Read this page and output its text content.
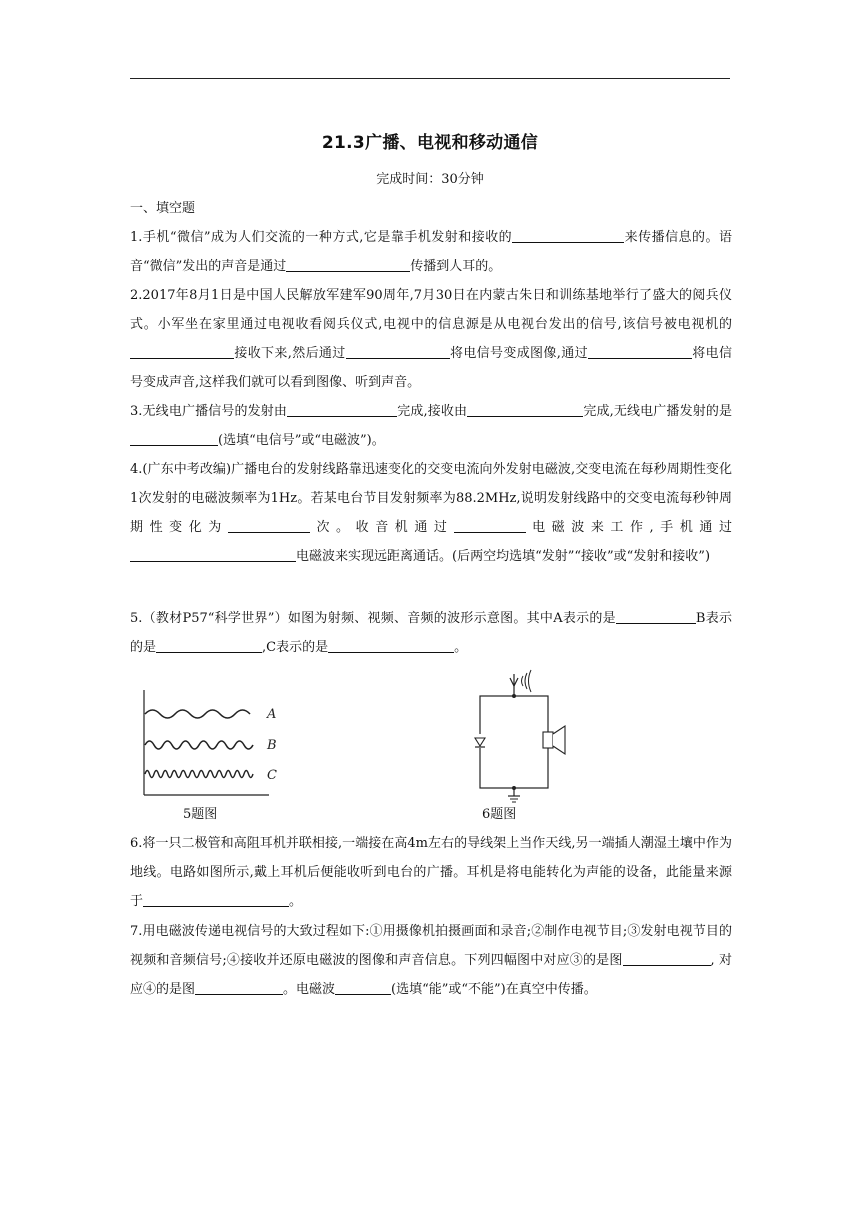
21.3广播、电视和移动通信
完成时间：30分钟
一、填空题
1.手机“微信”成为人们交流的一种方式,它是靠手机发射和接收的	来传播信息的。语音“微信”发出的声音是通过	传播到人耳的。
2.2017年8月1日是中国人民解放军建军90周年,7月30日在内蒙古朱日和训练基地举行了盛大的阅兵仪式。小军坐在家里通过电视收看阅兵仪式,电视中的信息源是从电视台发出的信号,该信号被电视机的接收下来,然后通过	将电信号变成图像,通过	将电信号变成声音,这样我们就可以看到图像、听到声音。
3.无线电广播信号的发射由	完成,接收由	完成,无线电广播发射的是(选填“电信号”或“电磁波”)。
4.(广东中考改编)广播电台的发射线路靠迅速变化的交变电流向外发射电磁波,交变电流在每秒周期性变化1次发射的电磁波频率为1Hz。若某电台节目发射频率为88.2MHz,说明发射线路中的交变电流每秒钟周期性变化为	次。收音机通过	电磁波来工作,手机通过电磁波来实现远距离通话。(后两空均选填“发射”“接收”或“发射和接收”)
5.（教材P57“科学世界”）如图为射频、视频、音频的波形示意图。其中A表示的是	B表示的是	,C表示的是	。
A
B
C
5题图	6题图
6.将一只二极管和高阻耳机并联相接,一端接在高4m左右的导线架上当作天线,另一端插人潮湿土壤中作为地线。电路如图所示,戴上耳机后便能收听到电台的广播。耳机是将电能转化为声能的设备，此能量来源于	。
7.用电磁波传递电视信号的大致过程如下:①用摄像机拍摄画面和录音;②制作电视节目;③发射电视节目的视频和音频信号;④接收并还原电磁波的图像和声音信息。下列四幅图中对应③的是图	, 对应④的是图	。电磁波	(选填“能”或“不能”)在真空中传播。
